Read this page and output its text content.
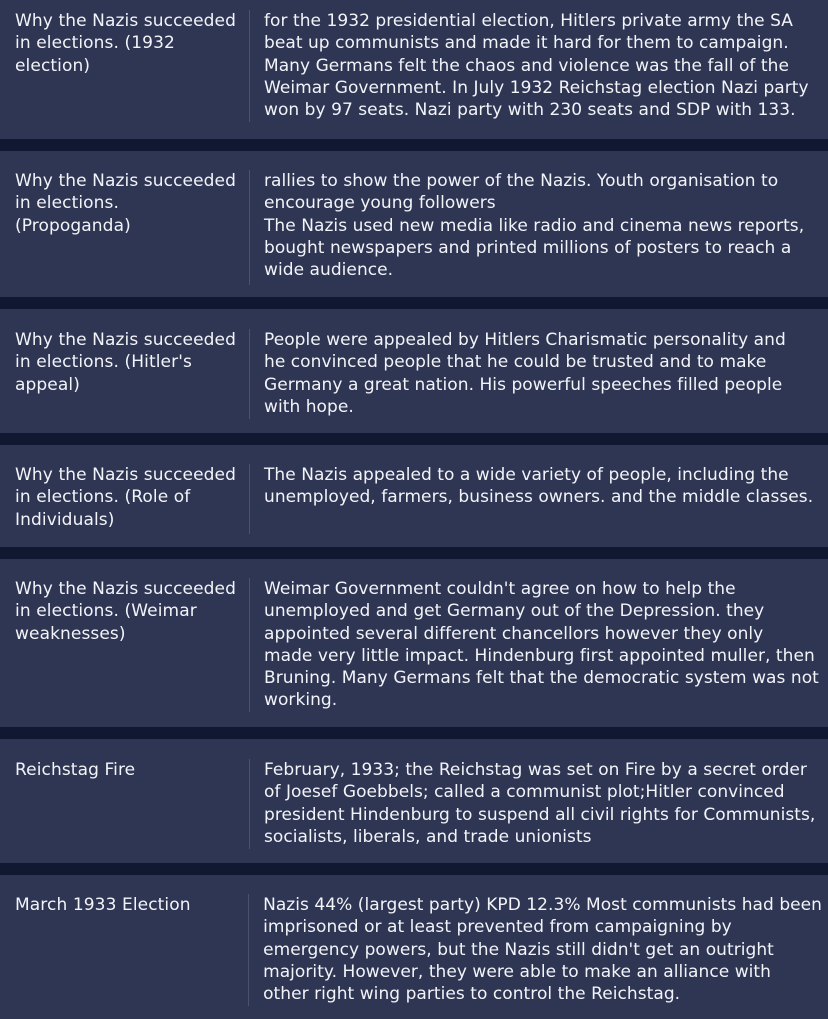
Why the Nazis succeeded
in elections. (1932
election)
for the 1932 presidential election, Hitlers private army the SA
beat up communists and made it hard for them to campaign.
Many Germans felt the chaos and violence was the fall of the
Weimar Government. In July 1932 Reichstag election Nazi party
won by 97 seats. Nazi party with 230 seats and SDP with 133.
Why the Nazis succeeded
in elections.
(Propoganda)
rallies to show the power of the Nazis. Youth organisation to
encourage young followers
The Nazis used new media like radio and cinema news reports,
bought newspapers and printed millions of posters to reach a
wide audience.
Why the Nazis succeeded
in elections. (Hitler's
appeal)
People were appealed by Hitlers Charismatic personality and
he convinced people that he could be trusted and to make
Germany a great nation. His powerful speeches filled people
with hope.
Why the Nazis succeeded
in elections. (Role of
Individuals)
The Nazis appealed to a wide variety of people, including the
unemployed, farmers, business owners. and the middle classes.
Why the Nazis succeeded
in elections. (Weimar
weaknesses)
Weimar Government couldn't agree on how to help the
unemployed and get Germany out of the Depression. they
appointed several different chancellors however they only
made very little impact. Hindenburg first appointed muller, then
Bruning. Many Germans felt that the democratic system was not
working.
Reichstag Fire	February, 1933; the Reichstag was set on Fire by a secret order
of Joesef Goebbels; called a communist plot;Hitler convinced
president Hindenburg to suspend all civil rights for Communists,
socialists, liberals, and trade unionists
March 1933 Election	Nazis 44% (largest party) KPD 12.3% Most communists had been
imprisoned or at least prevented from campaigning by
emergency powers, but the Nazis still didn't get an outright
majority. However, they were able to make an alliance with
other right wing parties to control the Reichstag.
